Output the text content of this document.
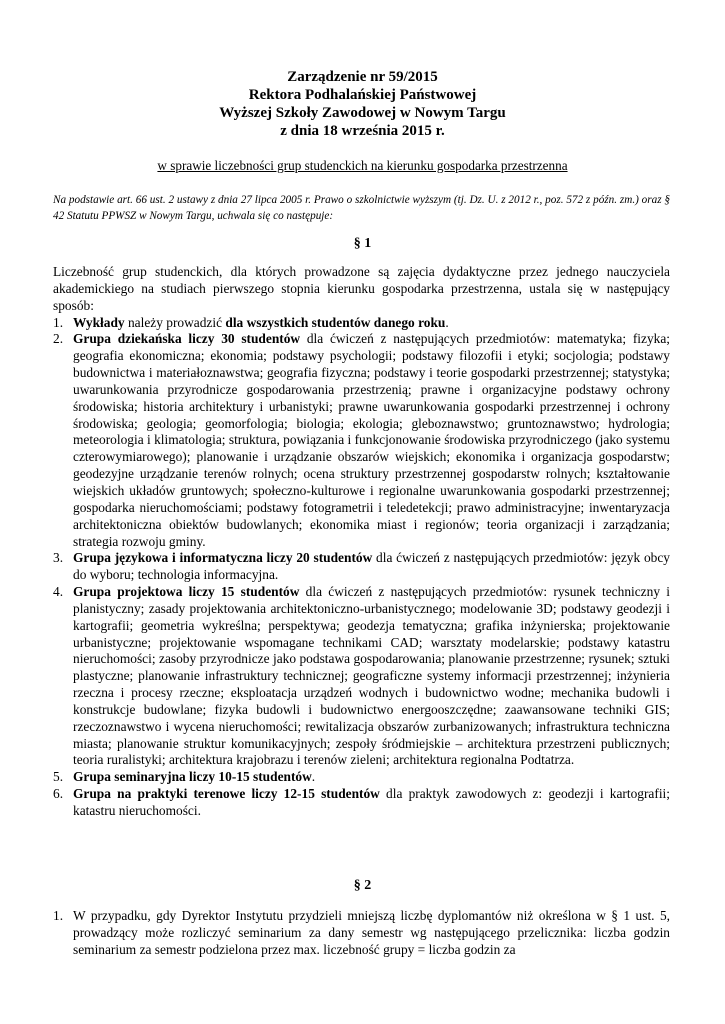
Zarządzenie nr 59/2015
Rektora Podhalańskiej Państwowej
Wyższej Szkoły Zawodowej w Nowym Targu
z dnia 18 września 2015 r.
w sprawie liczebności grup studenckich na kierunku gospodarka przestrzenna
Na podstawie art. 66 ust. 2 ustawy z dnia 27 lipca 2005 r. Prawo o szkolnictwie wyższym (tj. Dz. U. z 2012 r., poz. 572 z późn. zm.) oraz § 42 Statutu PPWSZ w Nowym Targu, uchwala się co następuje:
§ 1
Liczebność grup studenckich, dla których prowadzone są zajęcia dydaktyczne przez jednego nauczyciela akademickiego na studiach pierwszego stopnia kierunku gospodarka przestrzenna, ustala się w następujący sposób:
1. Wykłady należy prowadzić dla wszystkich studentów danego roku.
2. Grupa dziekańska liczy 30 studentów dla ćwiczeń z następujących przedmiotów: matematyka; fizyka; geografia ekonomiczna; ekonomia; podstawy psychologii; podstawy filozofii i etyki; socjologia; podstawy budownictwa i materiałoznawstwa; geografia fizyczna; podstawy i teorie gospodarki przestrzennej; statystyka; uwarunkowania przyrodnicze gospodarowania przestrzenią; prawne i organizacyjne podstawy ochrony środowiska; historia architektury i urbanistyki; prawne uwarunkowania gospodarki przestrzennej i ochrony środowiska; geologia; geomorfologia; biologia; ekologia; gleboznawstwo; gruntoznawstwo; hydrologia; meteorologia i klimatologia; struktura, powiązania i funkcjonowanie środowiska przyrodniczego (jako systemu czterowymiarowego); planowanie i urządzanie obszarów wiejskich; ekonomika i organizacja gospodarstw; geodezyjne urządzanie terenów rolnych; ocena struktury przestrzennej gospodarstw rolnych; kształtowanie wiejskich układów gruntowych; społeczno-kulturowe i regionalne uwarunkowania gospodarki przestrzennej; gospodarka nieruchomościami; podstawy fotogrametrii i teledetekcji; prawo administracyjne; inwentaryzacja architektoniczna obiektów budowlanych; ekonomika miast i regionów; teoria organizacji i zarządzania; strategia rozwoju gminy.
3. Grupa językowa i informatyczna liczy 20 studentów dla ćwiczeń z następujących przedmiotów: język obcy do wyboru; technologia informacyjna.
4. Grupa projektowa liczy 15 studentów dla ćwiczeń z następujących przedmiotów: rysunek techniczny i planistyczny; zasady projektowania architektoniczno-urbanistycznego; modelowanie 3D; podstawy geodezji i kartografii; geometria wykreślna; perspektywa; geodezja tematyczna; grafika inżynierska; projektowanie urbanistyczne; projektowanie wspomagane technikami CAD; warsztaty modelarskie; podstawy katastru nieruchomości; zasoby przyrodnicze jako podstawa gospodarowania; planowanie przestrzenne; rysunek; sztuki plastyczne; planowanie infrastruktury technicznej; geograficzne systemy informacji przestrzennej; inżynieria rzeczna i procesy rzeczne; eksploatacja urządzeń wodnych i budownictwo wodne; mechanika budowli i konstrukcje budowlane; fizyka budowli i budownictwo energooszczędne; zaawansowane techniki GIS; rzeczoznawstwo i wycena nieruchomości; rewitalizacja obszarów zurbanizowanych; infrastruktura techniczna miasta; planowanie struktur komunikacyjnych; zespoły śródmiejskie – architektura przestrzeni publicznych; teoria ruralistyki; architektura krajobrazu i terenów zieleni; architektura regionalna Podtatrza.
5. Grupa seminaryjna liczy 10-15 studentów.
6. Grupa na praktyki terenowe liczy 12-15 studentów dla praktyk zawodowych z: geodezji i kartografii; katastru nieruchomości.
§ 2
1. W przypadku, gdy Dyrektor Instytutu przydzieli mniejszą liczbę dyplomantów niż określona w § 1 ust. 5, prowadzący może rozliczyć seminarium za dany semestr wg następującego przelicznika: liczba godzin seminarium za semestr podzielona przez max. liczebność grupy = liczba godzin za
